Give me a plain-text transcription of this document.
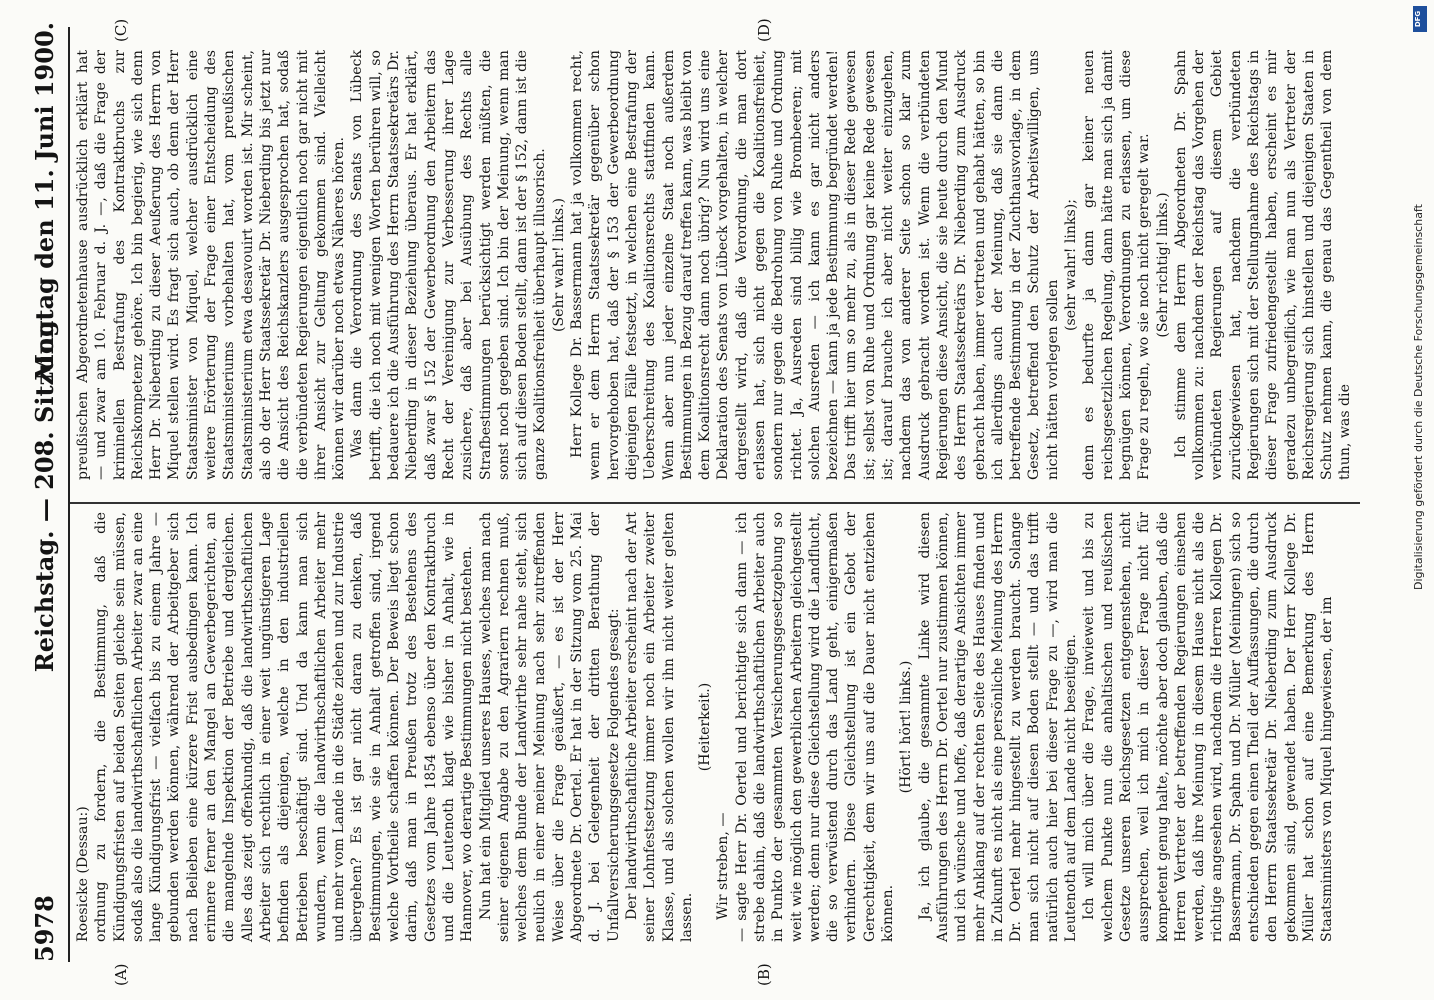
5978
Reichstag. — 208. Sitzung.
Montag den 11. Juni 1900.
(A)	(B)
(C)	(D)

Roesicke (Dessau:) ordnung zu fordern, die Bestimmung, daß die Kündigungsfristen auf beiden Seiten gleiche sein müssen, sodaß also die landwirthschaftlichen Arbeiter zwar an eine lange Kündigungsfrist — vielfach bis zu einem Jahre — gebunden werden können, während der Arbeitgeber sich nach Belieben eine kürzere Frist ausbedingen kann. Ich erinnere ferner an den Mangel an Gewerbegerichten, an die mangelnde Inspektion der Betriebe und dergleichen. Alles das zeigt offenkundig, daß die landwirthschaftlichen Arbeiter sich rechtlich in einer weit ungünstigeren Lage befinden als diejenigen, welche in den industriellen Betrieben beschäftigt sind. Und da kann man sich wundern, wenn die landwirthschaftlichen Arbeiter mehr und mehr vom Lande in die Städte ziehen und zur Industrie übergehen? Es ist gar nicht daran zu denken, daß Bestimmungen, wie sie in Anhalt getroffen sind, irgend welche Vortheile schaffen können. Der Beweis liegt schon darin, daß man in Preußen trotz des Bestehens des Gesetzes vom Jahre 1854 ebenso über den Kontraktbruch und die Leutenoth klagt wie bisher in Anhalt, wie in Hannover, wo derartige Bestimmungen nicht bestehen. Nun hat ein Mitglied unseres Hauses, welches man nach seiner eigenen Angabe zu den Agrariern rechnen muß, welches dem Bunde der Landwirthe sehr nahe steht, sich neulich in einer meiner Meinung nach sehr zutreffenden Weise über die Frage geäußert, — es ist der Herr Abgeordnete Dr. Oertel. Er hat in der Sitzung vom 25. Mai d. J. bei Gelegenheit der dritten Berathung der Unfallversicherungsgesetze Folgendes gesagt: Der landwirthschaftliche Arbeiter erscheint nach der Art seiner Lohnfestsetzung immer noch ein Arbeiter zweiter Klasse, und als solchen wollen wir ihn nicht weiter gelten lassen.

(Heiterkeit.)

Wir streben, — — sagte Herr Dr. Oertel und berichtigte sich dann — ich strebe dahin, daß die landwirthschaftlichen Arbeiter auch in Punkto der gesammten Versicherungsgesetzgebung so weit wie möglich den gewerblichen Arbeitern gleichgestellt werden; denn nur diese Gleichstellung wird die Landflucht, die so verwüstend durch das Land geht, einigermaßen verhindern. Diese Gleichstellung ist ein Gebot der Gerechtigkeit, dem wir uns auf die Dauer nicht entziehen können.

(Hört! hört! links.) Ja, ich glaube, die gesammte Linke wird diesen Ausführungen des Herrn Dr. Oertel nur zustimmen können, und ich wünsche und hoffe, daß derartige Ansichten immer mehr Anklang auf der rechten Seite des Hauses finden und in Zukunft es nicht als eine persönliche Meinung des Herrn Dr. Oertel mehr hingestellt zu werden braucht. Solange man sich nicht auf diesen Boden stellt — und das trifft natürlich auch hier bei dieser Frage zu —, wird man die Leutenoth auf dem Lande nicht beseitigen. Ich will mich über die Frage, inwieweit und bis zu welchem Punkte nun die anhaltischen und reußischen Gesetze unseren Reichsgesetzen entgegenstehen, nicht aussprechen, weil ich mich in dieser Frage nicht für kompetent genug halte, möchte aber doch glauben, daß die Herren Vertreter der betreffenden Regierungen einsehen werden, daß ihre Meinung in diesem Hause nicht als die richtige angesehen wird, nachdem die Herren Kollegen Dr. Bassermann, Dr. Spahn und Dr. Müller (Meiningen) sich so entschieden gegen einen Theil der Auffassungen, die durch den Herrn Staatssekretär Dr. Nieberding zum Ausdruck gekommen sind, gewendet haben. Der Herr Kollege Dr. Müller hat schon auf eine Bemerkung des Herrn Staatsministers von Miquel hingewiesen, der im

preußischen Abgeordnetenhause ausdrücklich erklärt hat — und zwar am 10. Februar d. J. —, daß die Frage der kriminellen Bestrafung des Kontraktbruchs zur Reichskompetenz gehöre. Ich bin begierig, wie sich denn Herr Dr. Nieberding zu dieser Aeußerung des Herrn von Miquel stellen wird. Es fragt sich auch, ob denn der Herr Staatsminister von Miquel, welcher ausdrücklich eine weitere Erörterung der Frage einer Entscheidung des Staatsministeriums vorbehalten hat, vom preußischen Staatsministerium etwa desavouirt worden ist. Mir scheint, als ob der Herr Staatssekretär Dr. Nieberding bis jetzt nur die Ansicht des Reichskanzlers ausgesprochen hat, sodaß die verbündeten Regierungen eigentlich noch gar nicht mit ihrer Ansicht zur Geltung gekommen sind. Vielleicht können wir darüber noch etwas Näheres hören. Was dann die Verordnung des Senats von Lübeck betrifft, die ich noch mit wenigen Worten berühren will, so bedauere ich die Ausführung des Herrn Staatssekretärs Dr. Nieberding in dieser Beziehung überaus. Er hat erklärt, daß zwar § 152 der Gewerbeordnung den Arbeitern das Recht der Vereinigung zur Verbesserung ihrer Lage zusichere, daß aber bei Ausübung des Rechts alle Strafbestimmungen berücksichtigt werden müßten, die sonst noch gegeben sind. Ich bin der Meinung, wenn man sich auf diesen Boden stellt, dann ist der § 152, dann ist die ganze Koalitionsfreiheit überhaupt illusorisch. (Sehr wahr! links.) Herr Kollege Dr. Bassermann hat ja vollkommen recht, wenn er dem Herrn Staatssekretär gegenüber schon hervorgehoben hat, daß der § 153 der Gewerbeordnung diejenigen Fälle festsetzt, in welchen eine Bestrafung der Ueberschreitung des Koalitionsrechts stattfinden kann. Wenn aber nun jeder einzelne Staat noch außerdem Bestimmungen in Bezug darauf treffen kann, was bleibt von dem Koalitionsrecht dann noch übrig? Nun wird uns eine Deklaration des Senats von Lübeck vorgehalten, in welcher dargestellt wird, daß die Verordnung, die man dort erlassen hat, sich nicht gegen die Koalitionsfreiheit, sondern nur gegen die Bedrohung von Ruhe und Ordnung richtet. Ja, Ausreden sind billig wie Brombeeren; mit solchen Ausreden — ich kann es gar nicht anders bezeichnen — kann ja jede Bestimmung begründet werden! Das trifft hier um so mehr zu, als in dieser Rede gewesen ist; selbst von Ruhe und Ordnung gar keine Rede gewesen ist; darauf brauche ich aber nicht weiter einzugehen, nachdem das von anderer Seite schon so klar zum Ausdruck gebracht worden ist. Wenn die verbündeten Regierungen diese Ansicht, die sie heute durch den Mund des Herrn Staatssekretärs Dr. Nieberding zum Ausdruck gebracht haben, immer vertreten und gehabt hätten, so bin ich allerdings auch der Meinung, daß sie dann die betreffende Bestimmung in der Zuchthausvorlage, in dem Gesetz, betreffend den Schutz der Arbeitswilligen, uns nicht hätten vorlegen sollen

(sehr wahr! links); denn es bedurfte ja dann gar keiner neuen reichsgesetzlichen Regelung, dann hätte man sich ja damit begnügen können, Verordnungen zu erlassen, um diese Frage zu regeln, wo sie noch nicht geregelt war. (Sehr richtig! links.) Ich stimme dem Herrn Abgeordneten Dr. Spahn vollkommen zu: nachdem der Reichstag das Vorgehen der verbündeten Regierungen auf diesem Gebiet zurückgewiesen hat, nachdem die verbündeten Regierungen sich mit der Stellungnahme des Reichstags in dieser Frage zufriedengestellt haben, erscheint es mir geradezu unbegreiflich, wie man nun als Vertreter der Reichsregierung sich hinstellen und diejenigen Staaten in Schutz nehmen kann, die genau das Gegentheil von dem thun, was die

DFG
Digitalisierung gefördert durch die Deutsche Forschungsgemeinschaft
